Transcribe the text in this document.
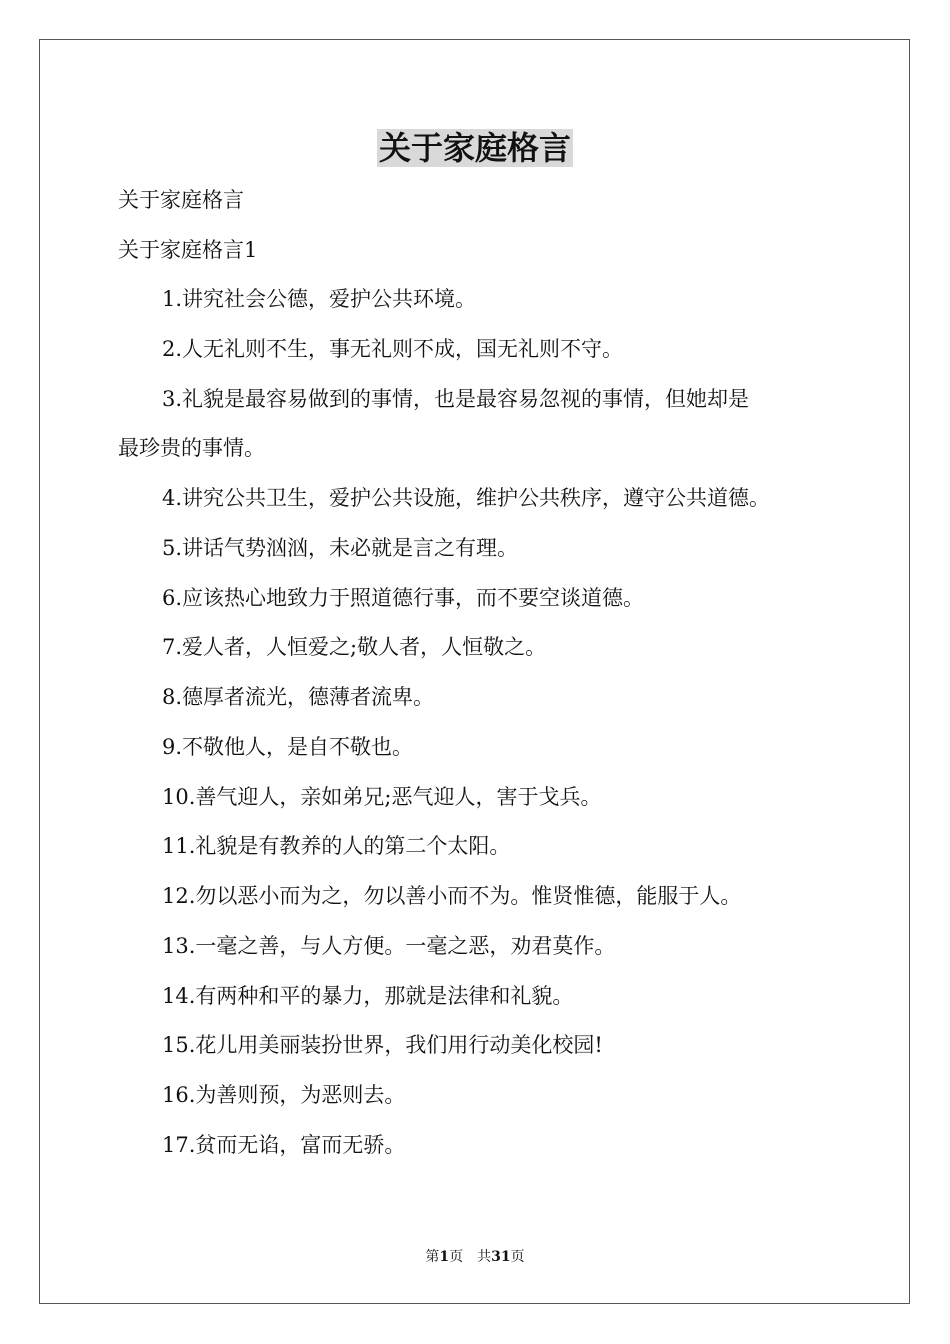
关于家庭格言
关于家庭格言
关于家庭格言1
1.讲究社会公德，爱护公共环境。
2.人无礼则不生，事无礼则不成，国无礼则不守。
3.礼貌是最容易做到的事情，也是最容易忽视的事情，但她却是
最珍贵的事情。
4.讲究公共卫生，爱护公共设施，维护公共秩序，遵守公共道德。
5.讲话气势汹汹，未必就是言之有理。
6.应该热心地致力于照道德行事，而不要空谈道德。
7.爱人者，人恒爱之;敬人者，人恒敬之。
8.德厚者流光，德薄者流卑。
9.不敬他人，是自不敬也。
10.善气迎人，亲如弟兄;恶气迎人，害于戈兵。
11.礼貌是有教养的人的第二个太阳。
12.勿以恶小而为之，勿以善小而不为。惟贤惟德，能服于人。
13.一毫之善，与人方便。一毫之恶，劝君莫作。
14.有两种和平的暴力，那就是法律和礼貌。
15.花儿用美丽装扮世界，我们用行动美化校园!
16.为善则预，为恶则去。
17.贫而无谄，富而无骄。
第1页　共31页
